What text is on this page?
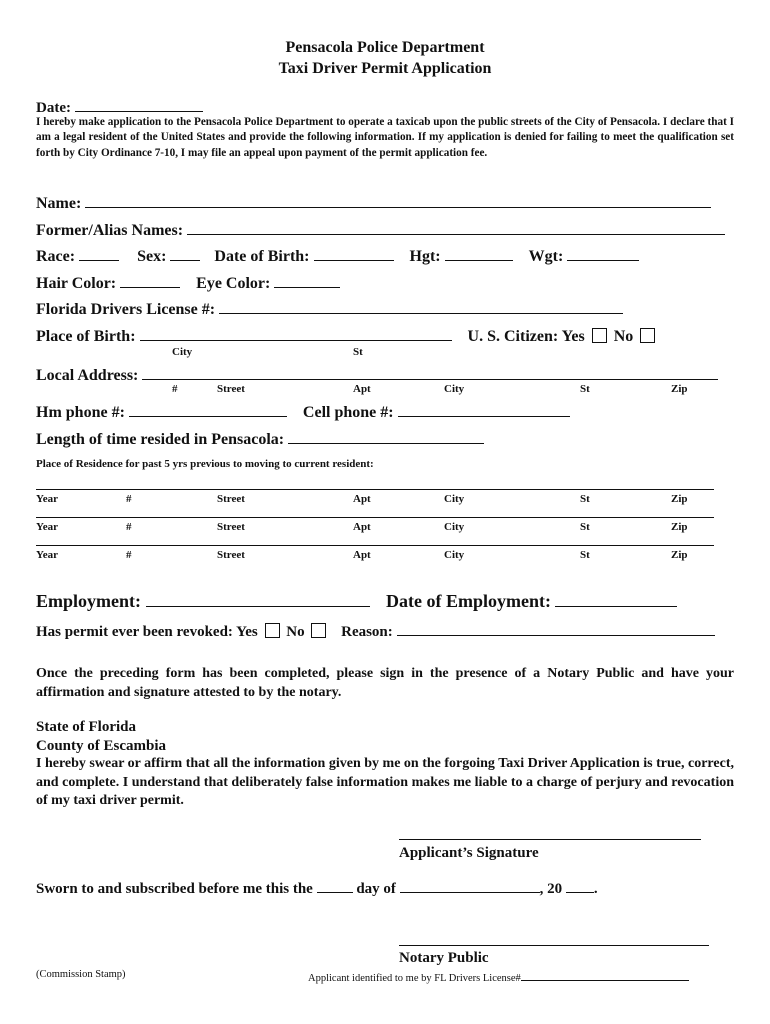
Pensacola Police Department
Taxi Driver Permit Application
Date:
I hereby make application to the Pensacola Police Department to operate a taxicab upon the public streets of the City of Pensacola. I declare that I am a legal resident of the United States and provide the following information. If my application is denied for failing to meet the qualification set forth by City Ordinance 7-10, I may file an appeal upon payment of the permit application fee.
Name:
Former/Alias Names:
Race:	Sex:	Date of Birth:	Hgt:	Wgt:
Hair Color:	Eye Color:
Florida Drivers License #:
Place of Birth:	U. S. Citizen: Yes No
City	St
Local Address:
#	Street	Apt	City	St	Zip
Hm phone #:	Cell phone #:
Length of time resided in Pensacola:
Place of Residence for past 5 yrs previous to moving to current resident:
Year	#	Street	Apt	City	St	Zip
Year	#	Street	Apt	City	St	Zip
Year	#	Street	Apt	City	St	Zip
Employment:	Date of Employment:
Has permit ever been revoked: Yes No Reason:
Once the preceding form has been completed, please sign in the presence of a Notary Public and have your affirmation and signature attested to by the notary.
State of Florida
County of Escambia
I hereby swear or affirm that all the information given by me on the forgoing Taxi Driver Application is true, correct, and complete. I understand that deliberately false information makes me liable to a charge of perjury and revocation of my taxi driver permit.
Applicant’s Signature
Sworn to and subscribed before me this the	day of	, 20 .
Notary Public
(Commission Stamp)	Applicant identified to me by FL Drivers License#
